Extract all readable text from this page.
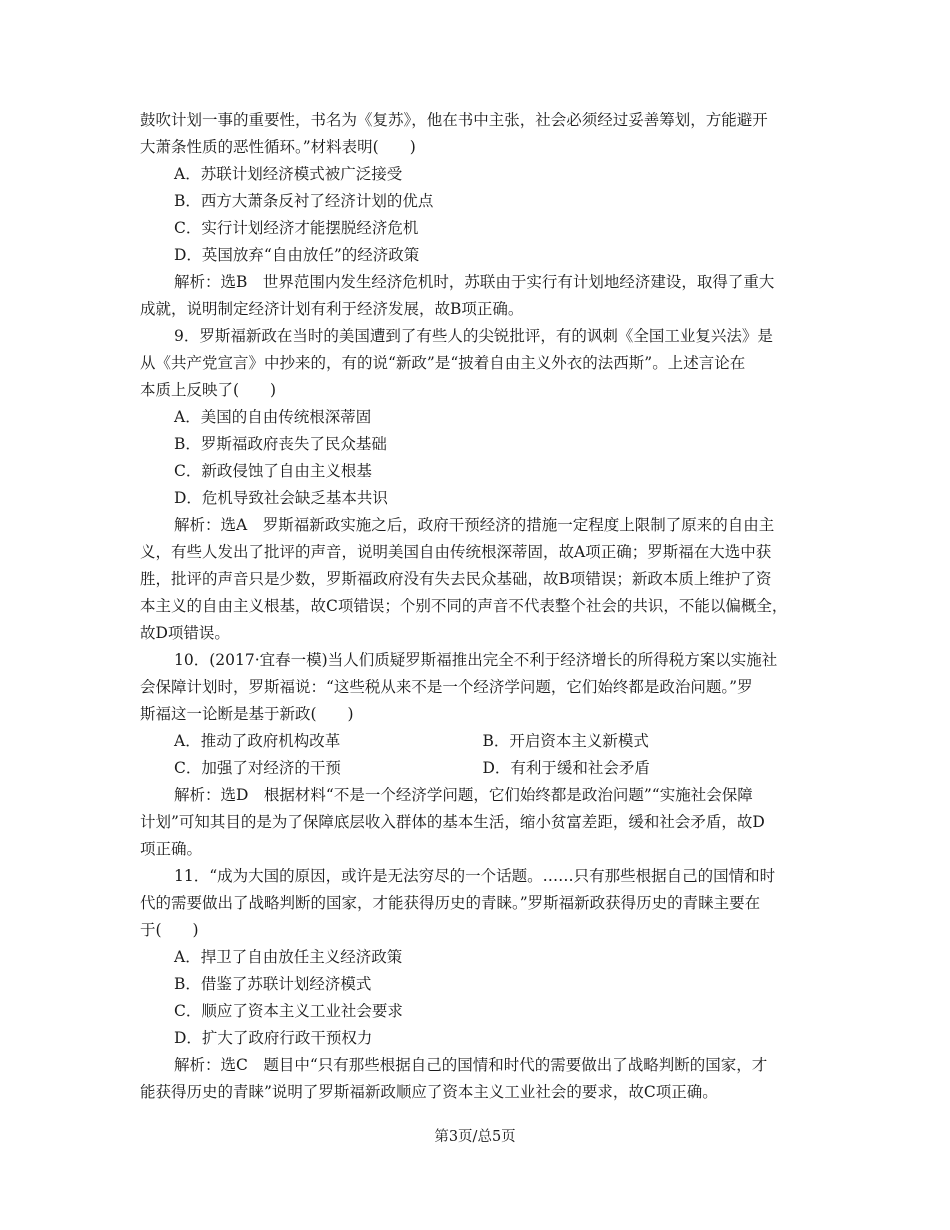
鼓吹计划一事的重要性，书名为《复苏》，他在书中主张，社会必须经过妥善筹划，方能避开
大萧条性质的恶性循环。”材料表明(　　)
A．苏联计划经济模式被广泛接受
B．西方大萧条反衬了经济计划的优点
C．实行计划经济才能摆脱经济危机
D．英国放弃“自由放任”的经济政策
解析：选B　世界范围内发生经济危机时，苏联由于实行有计划地经济建设，取得了重大
成就，说明制定经济计划有利于经济发展，故B项正确。
9．罗斯福新政在当时的美国遭到了有些人的尖锐批评，有的讽刺《全国工业复兴法》是
从《共产党宣言》中抄来的，有的说“新政”是“披着自由主义外衣的法西斯”。上述言论在
本质上反映了(　　)
A．美国的自由传统根深蒂固
B．罗斯福政府丧失了民众基础
C．新政侵蚀了自由主义根基
D．危机导致社会缺乏基本共识
解析：选A　罗斯福新政实施之后，政府干预经济的措施一定程度上限制了原来的自由主
义，有些人发出了批评的声音，说明美国自由传统根深蒂固，故A项正确；罗斯福在大选中获
胜，批评的声音只是少数，罗斯福政府没有失去民众基础，故B项错误；新政本质上维护了资
本主义的自由主义根基，故C项错误；个别不同的声音不代表整个社会的共识，不能以偏概全，
故D项错误。
10．(2017·宜春一模)当人们质疑罗斯福推出完全不利于经济增长的所得税方案以实施社
会保障计划时，罗斯福说：“这些税从来不是一个经济学问题，它们始终都是政治问题。”罗
斯福这一论断是基于新政(　　)
A．推动了政府机构改革	B．开启资本主义新模式
C．加强了对经济的干预	D．有利于缓和社会矛盾
解析：选D　根据材料“不是一个经济学问题，它们始终都是政治问题”“实施社会保障
计划”可知其目的是为了保障底层收入群体的基本生活，缩小贫富差距，缓和社会矛盾，故D
项正确。
11．“成为大国的原因，或许是无法穷尽的一个话题。……只有那些根据自己的国情和时
代的需要做出了战略判断的国家，才能获得历史的青睐。”罗斯福新政获得历史的青睐主要在
于(　　)
A．捍卫了自由放任主义经济政策
B．借鉴了苏联计划经济模式
C．顺应了资本主义工业社会要求
D．扩大了政府行政干预权力
解析：选C　题目中“只有那些根据自己的国情和时代的需要做出了战略判断的国家，才
能获得历史的青睐”说明了罗斯福新政顺应了资本主义工业社会的要求，故C项正确。
第3页/总5页
